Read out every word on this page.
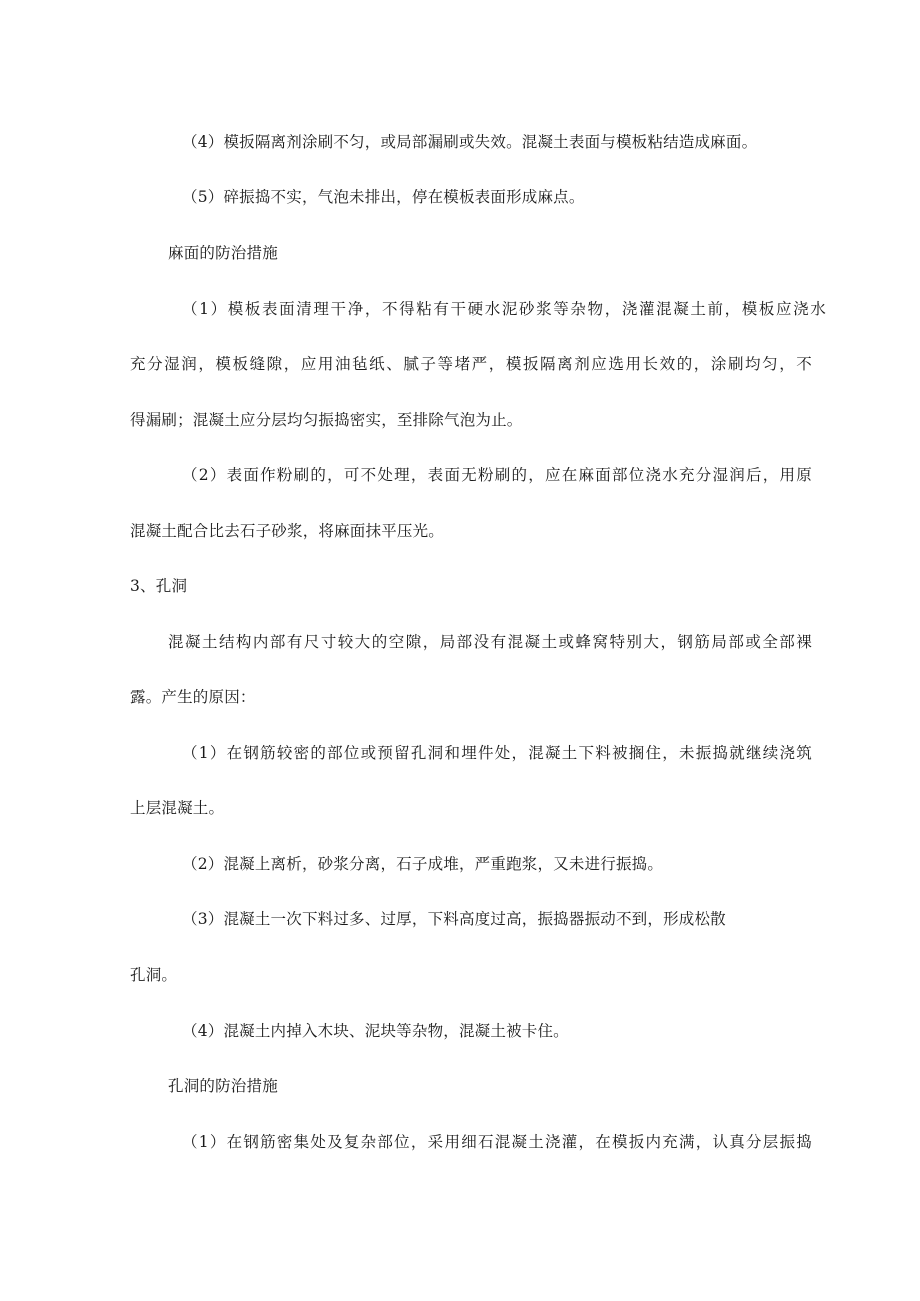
（4）模扳隔离剂涂刷不匀，或局部漏刷或失效。混凝土表面与模板粘结造成麻面。
（5）碎振捣不实，气泡未排出，停在模板表面形成麻点。
麻面的防治措施
（1）模板表面清理干净，不得粘有干硬水泥砂浆等杂物，浇灌混凝土前，模板应浇水
充分湿润，模板缝隙，应用油毡纸、腻子等堵严，模扳隔离剂应选用长效的，涂刷均匀，不
得漏刷；混凝土应分层均匀振捣密实，至排除气泡为止。
（2）表面作粉刷的，可不处理，表面无粉刷的，应在麻面部位浇水充分湿润后，用原
混凝土配合比去石子砂浆，将麻面抹平压光。
3、孔洞
混凝土结构内部有尺寸较大的空隙，局部没有混凝土或蜂窝特别大，钢筋局部或全部裸
露。产生的原因：
（1）在钢筋较密的部位或预留孔洞和埋件处，混凝土下料被搁住，未振捣就继续浇筑
上层混凝土。
（2）混凝上离析，砂浆分离，石子成堆，严重跑浆，又未进行振捣。
（3）混凝土一次下料过多、过厚，下料高度过高，振捣器振动不到，形成松散
孔洞。
（4）混凝土内掉入木块、泥块等杂物，混凝土被卡住。
孔洞的防治措施
（1）在钢筋密集处及复杂部位，采用细石混凝土浇灌，在模扳内充满，认真分层振捣
